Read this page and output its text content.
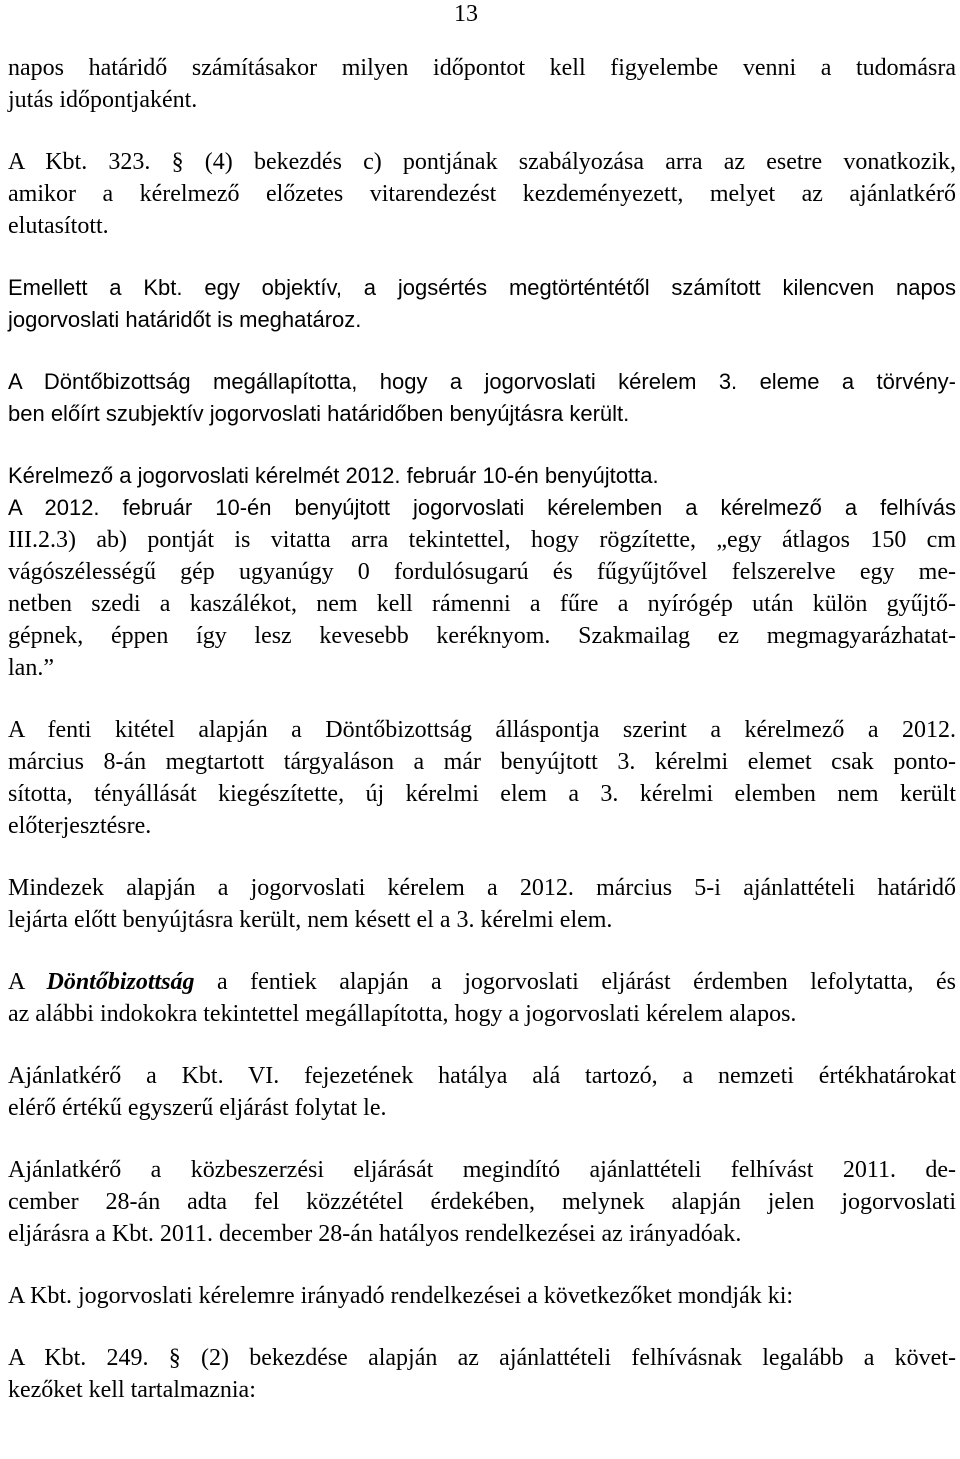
13
napos határidő számításakor milyen időpontot kell figyelembe venni a tudomásra
jutás időpontjaként.
A Kbt. 323. § (4) bekezdés c) pontjának szabályozása arra az esetre vonatkozik,
amikor a kérelmező előzetes vitarendezést kezdeményezett, melyet az ajánlatkérő
elutasított.
Emellett a Kbt. egy objektív, a jogsértés megtörténtétől számított kilencven napos
jogorvoslati határidőt is meghatároz.
A Döntőbizottság megállapította, hogy a jogorvoslati kérelem 3. eleme a törvény-
ben előírt szubjektív jogorvoslati határidőben benyújtásra került.
Kérelmező a jogorvoslati kérelmét 2012. február 10-én benyújtotta.
A 2012. február 10-én benyújtott jogorvoslati kérelemben a kérelmező a felhívás
III.2.3) ab) pontját is vitatta arra tekintettel, hogy rögzítette, „egy átlagos 150 cm
vágószélességű gép ugyanúgy 0 fordulósugarú és fűgyűjtővel felszerelve egy me-
netben szedi a kaszálékot, nem kell rámenni a fűre a nyírógép után külön gyűjtő-
gépnek, éppen így lesz kevesebb keréknyom. Szakmailag ez megmagyarázhatat-
lan.”
A fenti kitétel alapján a Döntőbizottság álláspontja szerint a kérelmező a 2012.
március 8-án megtartott tárgyaláson a már benyújtott 3. kérelmi elemet csak ponto-
sította, tényállását kiegészítette, új kérelmi elem a 3. kérelmi elemben nem került
előterjesztésre.
Mindezek alapján a jogorvoslati kérelem a 2012. március 5-i ajánlattételi határidő
lejárta előtt benyújtásra került, nem késett el a 3. kérelmi elem.
A Döntőbizottság a fentiek alapján a jogorvoslati eljárást érdemben lefolytatta, és
az alábbi indokokra tekintettel megállapította, hogy a jogorvoslati kérelem alapos.
Ajánlatkérő a Kbt. VI. fejezetének hatálya alá tartozó, a nemzeti értékhatárokat
elérő értékű egyszerű eljárást folytat le.
Ajánlatkérő a közbeszerzési eljárását megindító ajánlattételi felhívást 2011. de-
cember 28-án adta fel közzététel érdekében, melynek alapján jelen jogorvoslati
eljárásra a Kbt. 2011. december 28-án hatályos rendelkezései az irányadóak.
A Kbt. jogorvoslati kérelemre irányadó rendelkezései a következőket mondják ki:
A Kbt. 249. § (2) bekezdése alapján az ajánlattételi felhívásnak legalább a követ-
kezőket kell tartalmaznia:
